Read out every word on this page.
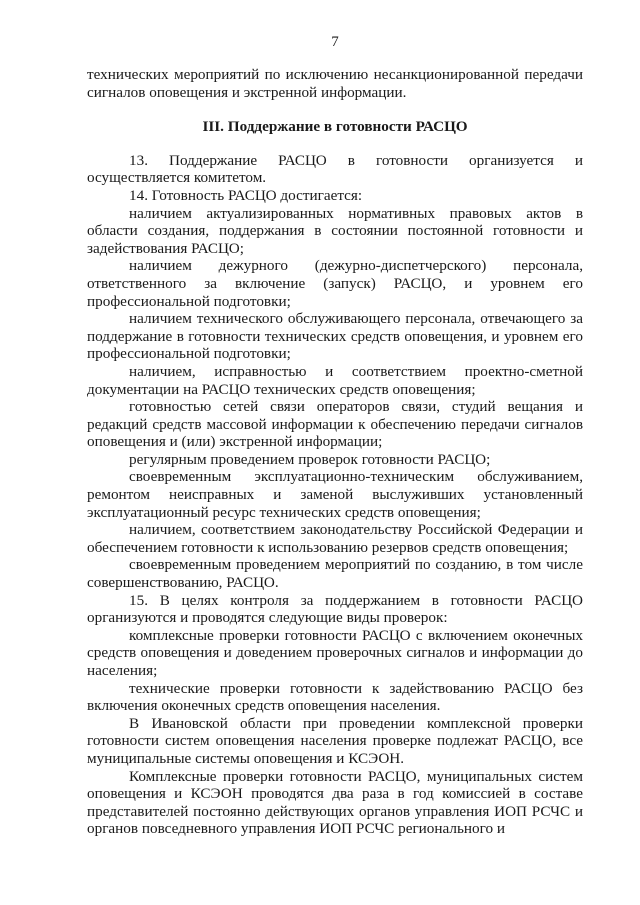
7

технических мероприятий по исключению несанкционированной передачи сигналов оповещения и экстренной информации.

III. Поддержание в готовности РАСЦО

13. Поддержание РАСЦО в готовности организуется и осуществляется комитетом.

14. Готовность РАСЦО достигается:

наличием актуализированных нормативных правовых актов в области создания, поддержания в состоянии постоянной готовности и задействования РАСЦО;

наличием дежурного (дежурно-диспетчерского) персонала, ответственного за включение (запуск) РАСЦО, и уровнем его профессиональной подготовки;

наличием технического обслуживающего персонала, отвечающего за поддержание в готовности технических средств оповещения, и уровнем его профессиональной подготовки;

наличием, исправностью и соответствием проектно-сметной документации на РАСЦО технических средств оповещения;

готовностью сетей связи операторов связи, студий вещания и редакций средств массовой информации к обеспечению передачи сигналов оповещения и (или) экстренной информации;

регулярным проведением проверок готовности РАСЦО;

своевременным эксплуатационно-техническим обслуживанием, ремонтом неисправных и заменой выслуживших установленный эксплуатационный ресурс технических средств оповещения;

наличием, соответствием законодательству Российской Федерации и обеспечением готовности к использованию резервов средств оповещения;

своевременным проведением мероприятий по созданию, в том числе совершенствованию, РАСЦО.

15. В целях контроля за поддержанием в готовности РАСЦО организуются и проводятся следующие виды проверок:

комплексные проверки готовности РАСЦО с включением оконечных средств оповещения и доведением проверочных сигналов и информации до населения;

технические проверки готовности к задействованию РАСЦО без включения оконечных средств оповещения населения.

В Ивановской области при проведении комплексной проверки готовности систем оповещения населения проверке подлежат РАСЦО, все муниципальные системы оповещения и КСЭОН.

Комплексные проверки готовности РАСЦО, муниципальных систем оповещения и КСЭОН проводятся два раза в год комиссией в составе представителей постоянно действующих органов управления ИОП РСЧС и органов повседневного управления ИОП РСЧС регионального и
